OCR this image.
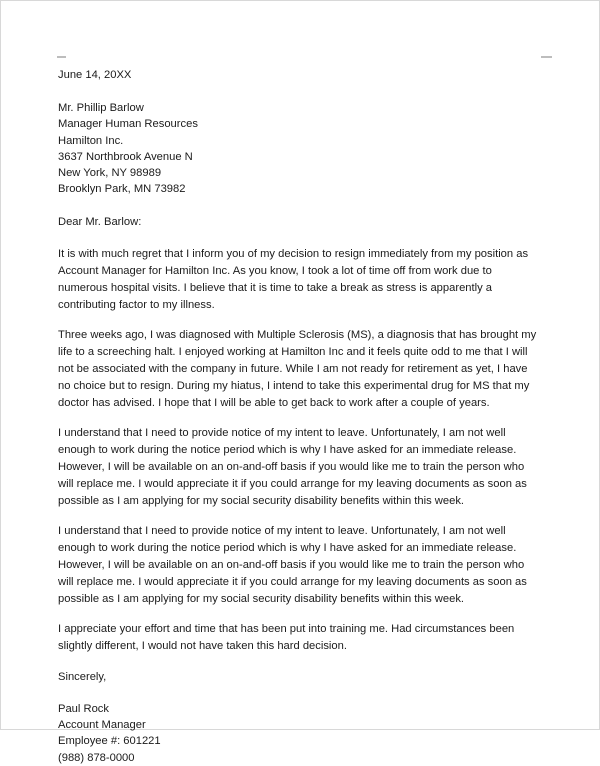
June 14, 20XX

Mr. Phillip Barlow

Manager Human Resources

Hamilton Inc.

3637 Northbrook Avenue N

New York, NY 98989

Brooklyn Park, MN 73982

Dear Mr. Barlow:

It is with much regret that I inform you of my decision to resign immediately from my position as Account Manager for Hamilton Inc. As you know, I took a lot of time off from work due to numerous hospital visits. I believe that it is time to take a break as stress is apparently a contributing factor to my illness.

Three weeks ago, I was diagnosed with Multiple Sclerosis (MS), a diagnosis that has brought my life to a screeching halt. I enjoyed working at Hamilton Inc and it feels quite odd to me that I will not be associated with the company in future. While I am not ready for retirement as yet, I have no choice but to resign. During my hiatus, I intend to take this experimental drug for MS that my doctor has advised. I hope that I will be able to get back to work after a couple of years.

I understand that I need to provide notice of my intent to leave. Unfortunately, I am not well enough to work during the notice period which is why I have asked for an immediate release. However, I will be available on an on-and-off basis if you would like me to train the person who will replace me. I would appreciate it if you could arrange for my leaving documents as soon as possible as I am applying for my social security disability benefits within this week.

I understand that I need to provide notice of my intent to leave. Unfortunately, I am not well enough to work during the notice period which is why I have asked for an immediate release. However, I will be available on an on-and-off basis if you would like me to train the person who will replace me. I would appreciate it if you could arrange for my leaving documents as soon as possible as I am applying for my social security disability benefits within this week.

I appreciate your effort and time that has been put into training me. Had circumstances been slightly different, I would not have taken this hard decision.

Sincerely,

Paul Rock

Account Manager

Employee #: 601221

(988) 878-0000
